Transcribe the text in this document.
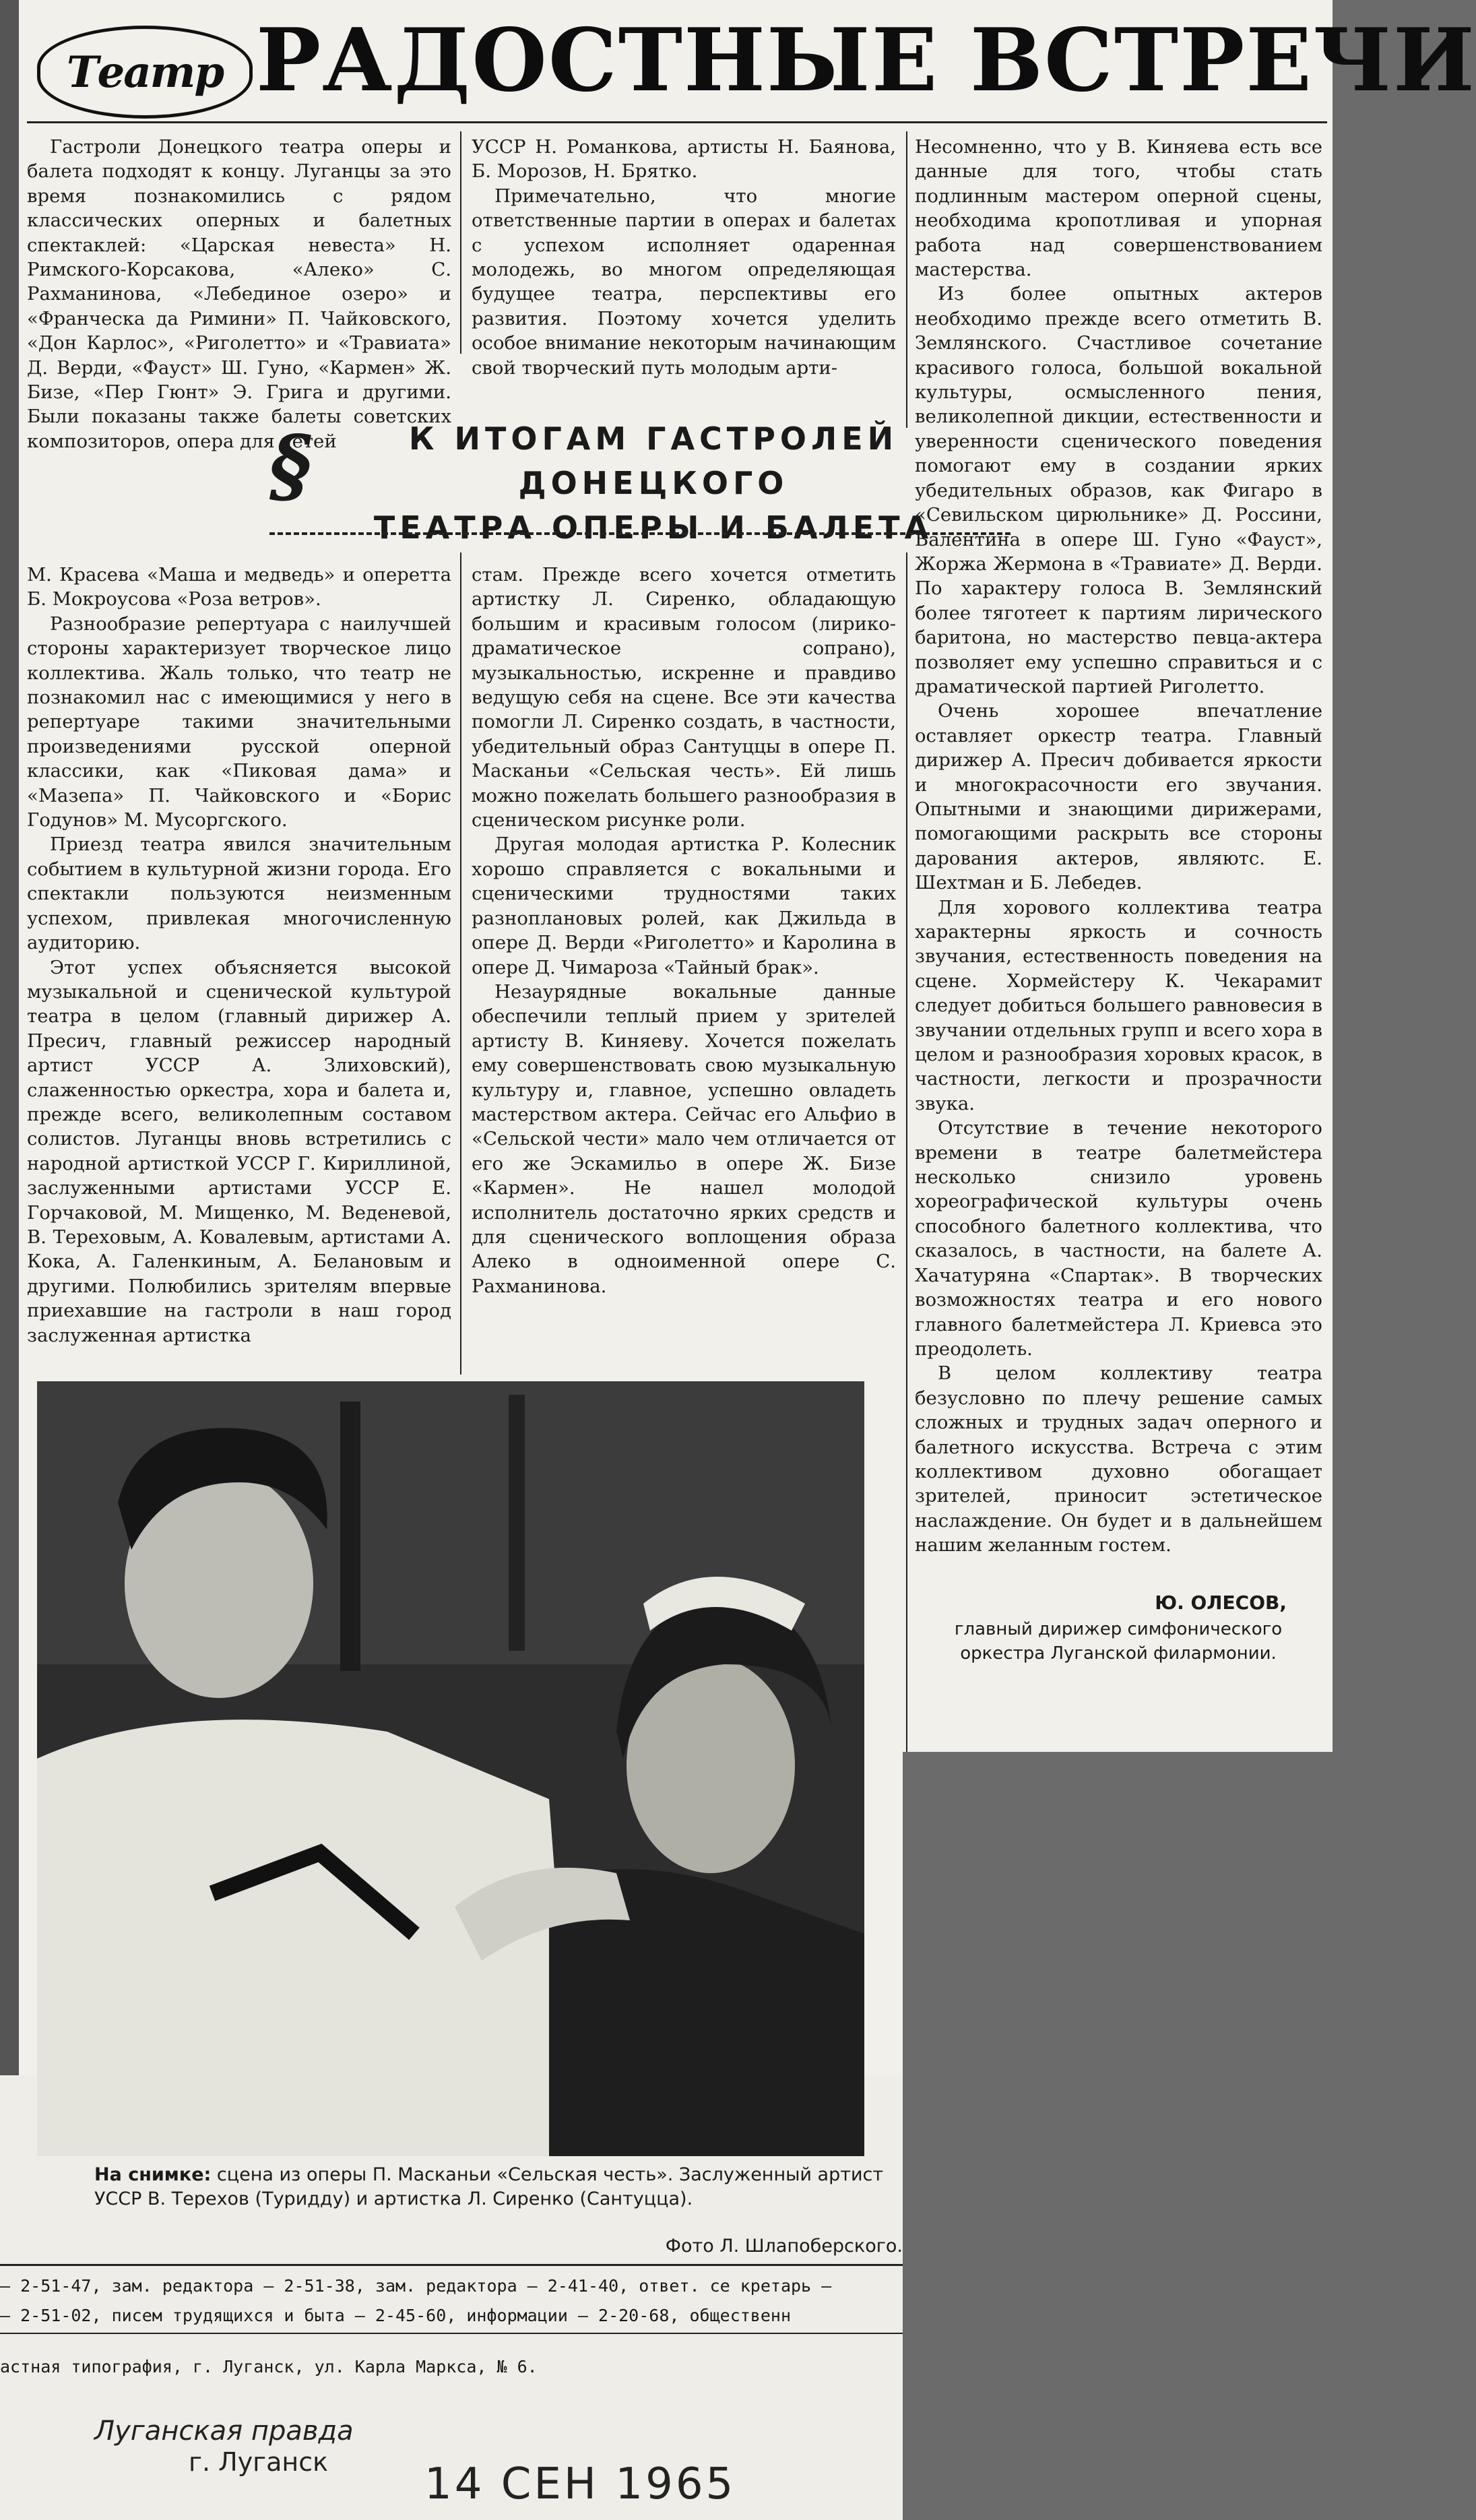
Театр РАДОСТНЫЕ ВСТРЕЧИ

Гастроли Донецкого театра оперы и балета подходят к концу. Луганцы за это время познакомились с рядом классических оперных и балетных спектаклей: «Царская невеста» Н. Римского-Корсакова, «Алеко» С. Рахманинова, «Лебединое озеро» и «Франческа да Римини» П. Чайковского, «Дон Карлос», «Риголетто» и «Травиата» Д. Верди, «Фауст» Ш. Гуно, «Кармен» Ж. Бизе, «Пер Гюнт» Э. Грига и другими. Были показаны также балеты советских композиторов, опера для детей

§	К ИТОГАМ ГАСТРОЛЕЙ ДОНЕЦКОГО
ТЕАТРА ОПЕРЫ И БАЛЕТА

М. Красева «Маша и медведь» и оперетта Б. Мокроусова «Роза ветров».

Разнообразие репертуара с наилучшей стороны характеризует творческое лицо коллектива. Жаль только, что театр не познакомил нас с имеющимися у него в репертуаре такими значительными произведениями русской оперной классики, как «Пиковая дама» и «Мазепа» П. Чайковского и «Борис Годунов» М. Мусоргского.

Приезд театра явился значительным событием в культурной жизни города. Его спектакли пользуются неизменным успехом, привлекая многочисленную аудиторию.

Этот успех объясняется высокой музыкальной и сценической культурой театра в целом (главный дирижер А. Пресич, главный режиссер народный артист УССР А. Злиховский), слаженностью оркестра, хора и балета и, прежде всего, великолепным составом солистов. Луганцы вновь встретились с народной артисткой УССР Г. Кириллиной, заслуженными артистами УССР Е. Горчаковой, М. Мищенко, М. Веденевой, В. Тереховым, А. Ковалевым, артистами А. Кока, А. Галенкиным, А. Белановым и другими. Полюбились зрителям впервые приехавшие на гастроли в наш город заслуженная артистка

УССР Н. Романкова, артисты Н. Баянова, Б. Морозов, Н. Брятко.

Примечательно, что многие ответственные партии в операх и балетах с успехом исполняет одаренная молодежь, во многом определяющая будущее театра, перспективы его развития. Поэтому хочется уделить особое внимание некоторым начинающим свой творческий путь молодым арти-

стам. Прежде всего хочется отметить артистку Л. Сиренко, обладающую большим и красивым голосом (лирико-драматическое сопрано), музыкальностью, искренне и правдиво ведущую себя на сцене. Все эти качества помогли Л. Сиренко создать, в частности, убедительный образ Сантуццы в опере П. Масканьи «Сельская честь». Ей лишь можно пожелать большего разнообразия в сценическом рисунке роли.

Другая молодая артистка Р. Колесник хорошо справляется с вокальными и сценическими трудностями таких разноплановых ролей, как Джильда в опере Д. Верди «Риголетто» и Каролина в опере Д. Чимароза «Тайный брак».

Незаурядные вокальные данные обеспечили теплый прием у зрителей артисту В. Киняеву. Хочется пожелать ему совершенствовать свою музыкальную культуру и, главное, успешно овладеть мастерством актера. Сейчас его Альфио в «Сельской чести» мало чем отличается от его же Эскамильо в опере Ж. Бизе «Кармен». Не нашел молодой исполнитель достаточно ярких средств и для сценического воплощения образа Алеко в одноименной опере С. Рахманинова.

Несомненно, что у В. Киняева есть все данные для того, чтобы стать подлинным мастером оперной сцены, необходима кропотливая и упорная работа над совершенствованием мастерства.

Из более опытных актеров необходимо прежде всего отметить В. Землянского. Счастливое сочетание красивого голоса, большой вокальной культуры, осмысленного пения, великолепной дикции, естественности и уверенности сценического поведения помогают ему в создании ярких убедительных образов, как Фигаро в «Севильском цирюльнике» Д. Россини, Валентина в опере Ш. Гуно «Фауст», Жоржа Жермона в «Травиате» Д. Верди. По характеру голоса В. Землянский более тяготеет к партиям лирического баритона, но мастерство певца-актера позволяет ему успешно справиться и с драматической партией Риголетто.

Очень хорошее впечатление оставляет оркестр театра. Главный дирижер А. Пресич добивается яркости и многокрасочности его звучания. Опытными и знающими дирижерами, помогающими раскрыть все стороны дарования актеров, являютс. Е. Шехтман и Б. Лебедев.

Для хорового коллектива театра характерны яркость и сочность звучания, естественность поведения на сцене. Хормейстеру К. Чекарамит следует добиться большего равновесия в звучании отдельных групп и всего хора в целом и разнообразия хоровых красок, в частности, легкости и прозрачности звука.

Отсутствие в течение некоторого времени в театре балетмейстера несколько снизило уровень хореографической культуры очень способного балетного коллектива, что сказалось, в частности, на балете А. Хачатуряна «Спартак». В творческих возможностях театра и его нового главного балетмейстера Л. Криевса это преодолеть.

В целом коллективу театра безусловно по плечу решение самых сложных и трудных задач оперного и балетного искусства. Встреча с этим коллективом духовно обогащает зрителей, приносит эстетическое наслаждение. Он будет и в дальнейшем нашим желанным гостем.

Ю. ОЛЕСОВ,
главный дирижер симфонического оркестра Луганской филармонии.
На снимке: сцена из оперы П. Масканьи «Сельская честь». Заслуженный артист УССР В. Терехов (Туридду) и артистка Л. Сиренко (Сантуцца).
Фото Л. Шлапоберского.
— 2-51-47, зам. редактора — 2-51-38, зам. редактора — 2-41-40, ответ. се кретарь —
— 2-51-02, писем трудящихся и быта — 2-45-60, информации — 2-20-68, общественн
астная типография, г. Луганск, ул. Карла Маркса, № 6.
Луганская правда
г. Луганск 14 СЕН 1965
